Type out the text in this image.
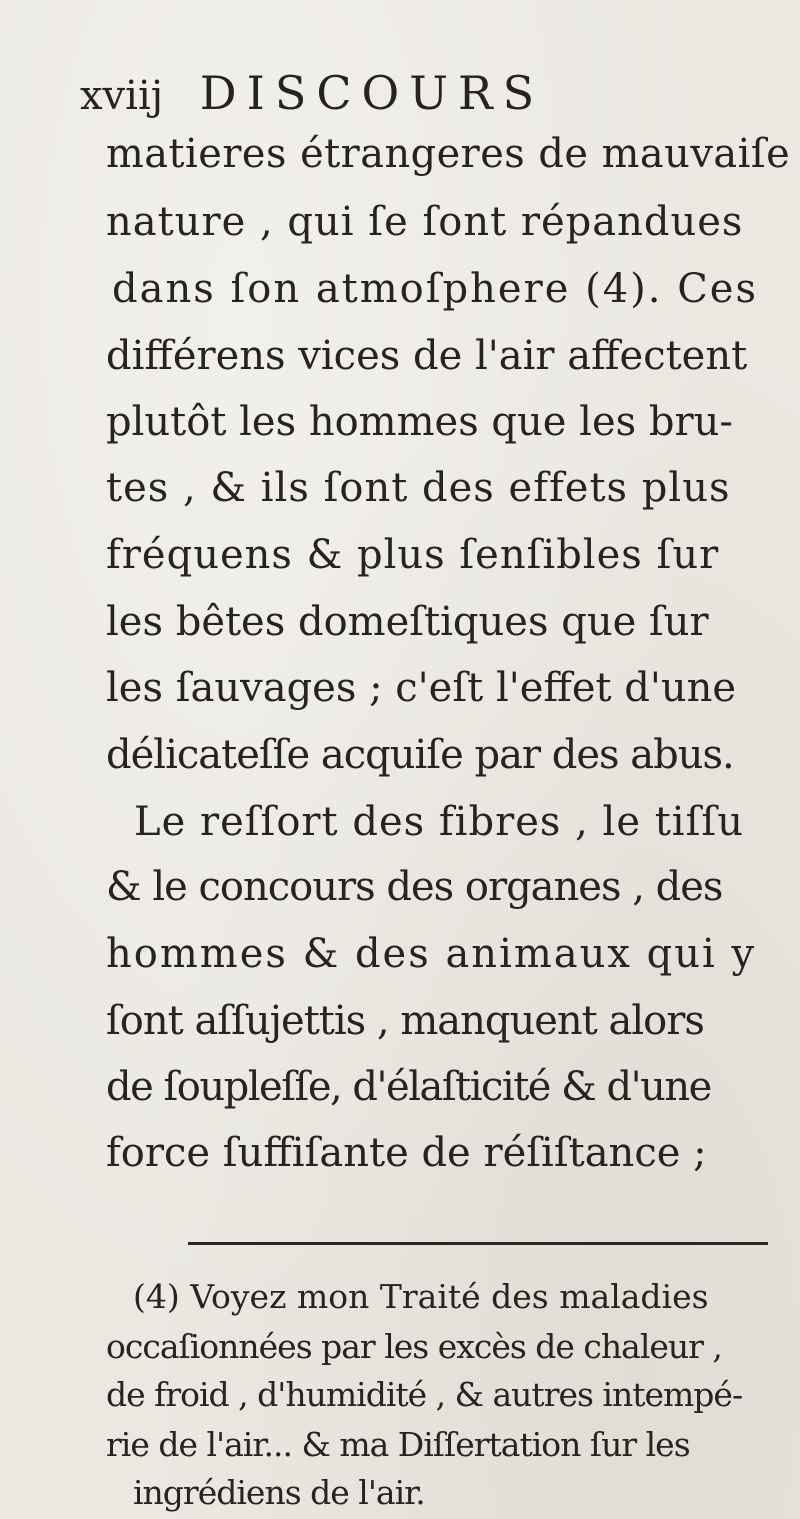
xviij DISCOURS
matieres étrangeres de mauvaiſe
nature , qui ſe ſont répandues
dans ſon atmoſphere (4). Ces
différens vices de l'air affectent
plutôt les hommes que les bru-
tes , & ils ſont des effets plus
fréquens & plus ſenſibles ſur
les bêtes domeſtiques que ſur
les ſauvages ; c'eſt l'effet d'une
délicateſſe acquiſe par des abus.
Le reſſort des fibres , le tiſſu
& le concours des organes , des
hommes & des animaux qui y
ſont aſſujettis , manquent alors
de ſoupleſſe, d'élaſticité & d'une
force ſuffiſante de réſiſtance ;
(4) Voyez mon Traité des maladies
occaſionnées par les excès de chaleur ,
de froid , d'humidité , & autres intempé-
rie de l'air... & ma Diſſertation ſur les
ingrédiens de l'air.
